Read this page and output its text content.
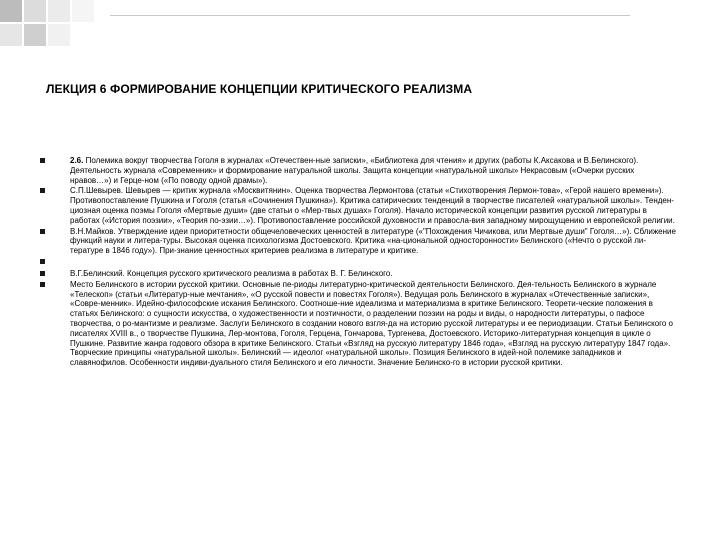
ЛЕКЦИЯ 6 ФОРМИРОВАНИЕ КОНЦЕПЦИИ КРИТИЧЕСКОГО РЕАЛИЗМА
2.6. Полемика вокруг творчества Гоголя в журналах «Отечествен-ные записки», «Библиотека для чтения» и других (работы К.Аксакова и В.Белинского). Деятельность журнала «Современник» и формирование натуральной школы. Защита концепции «натуральной школы» Некрасовым («Очерки русских нравов…») и Герце-ном («По поводу одной драмы»).
С.П.Шевырев. Шевырев — критик журнала «Москвитянин». Оценка творчества Лермонтова (статьи «Стихотворения Лермон-това», «Герой нашего времени»). Противопоставление Пушкина и Гоголя (статья «Сочинения Пушкина»). Критика сатирических тенденций в творчестве писателей «натуральной школы». Тенден-циозная оценка поэмы Гоголя «Мертвые души» (две статьи о «Мер-твых душах» Гоголя). Начало исторической концепции развития русской литературы в работах («История поэзии», «Теория по-эзии…»). Противопоставление российской духовности и правосла-вия западному мирощущению и европейской религии.
В.Н.Майков. Утверждение идеи приоритетности общечеловеческих ценностей в литературе («"Похождения Чичикова, или Мертвые души" Гоголя…»). Сближение функций науки и литера-туры. Высокая оценка психологизма Достоевского. Критика «на-циональной односторонности» Белинского («Нечто о русской ли-тературе в 1846 году»). При-знание ценностных критериев реализма в литературе и критике.
В.Г.Белинский. Концепция русского критического реализма в работах В. Г. Белинского.
Место Белинского в истории русской критики. Основные пе-риоды литературно-критической деятельности Белинского. Дея-тельность Белинского в журнале «Телескоп» (статьи «Литератур-ные мечтания», «О русской повести и повестях Гоголя»). Ведущая роль Белинского в журналах «Отечественные записки», «Совре-менник». Идейно-философские искания Белинского. Соотноше-ние идеализма и материализма в критике Белинского. Теорети-ческие положения в статьях Белинского: о сущности искусства, о художественности и поэтичности, о разделении поэзии на роды и виды, о народности литературы, о пафосе творчества, о ро-мантизме и реализме. Заслуги Белинского в создании нового взгля-да на историю русской литературы и ее периодизации. Статьи Белинского о писателях XVIII в., о творчестве Пушкина, Лер-монтова, Гоголя, Герцена, Гончарова, Тургенева, Достоевского. Историко-литературная концепция в цикле о Пушкине. Развитие жанра годового обзора в критике Белинского. Статьи «Взгляд на русскую литературу 1846 года», «Взгляд на русскую литературу 1847 года». Творческие принципы «натуральной школы». Белинский — идеолог «натуральной школы». Позиция Белинского в идей-ной полемике западников и славянофилов. Особенности индиви-дуального стиля Белинского и его личности. Значение Белинско-го в истории русской критики.
